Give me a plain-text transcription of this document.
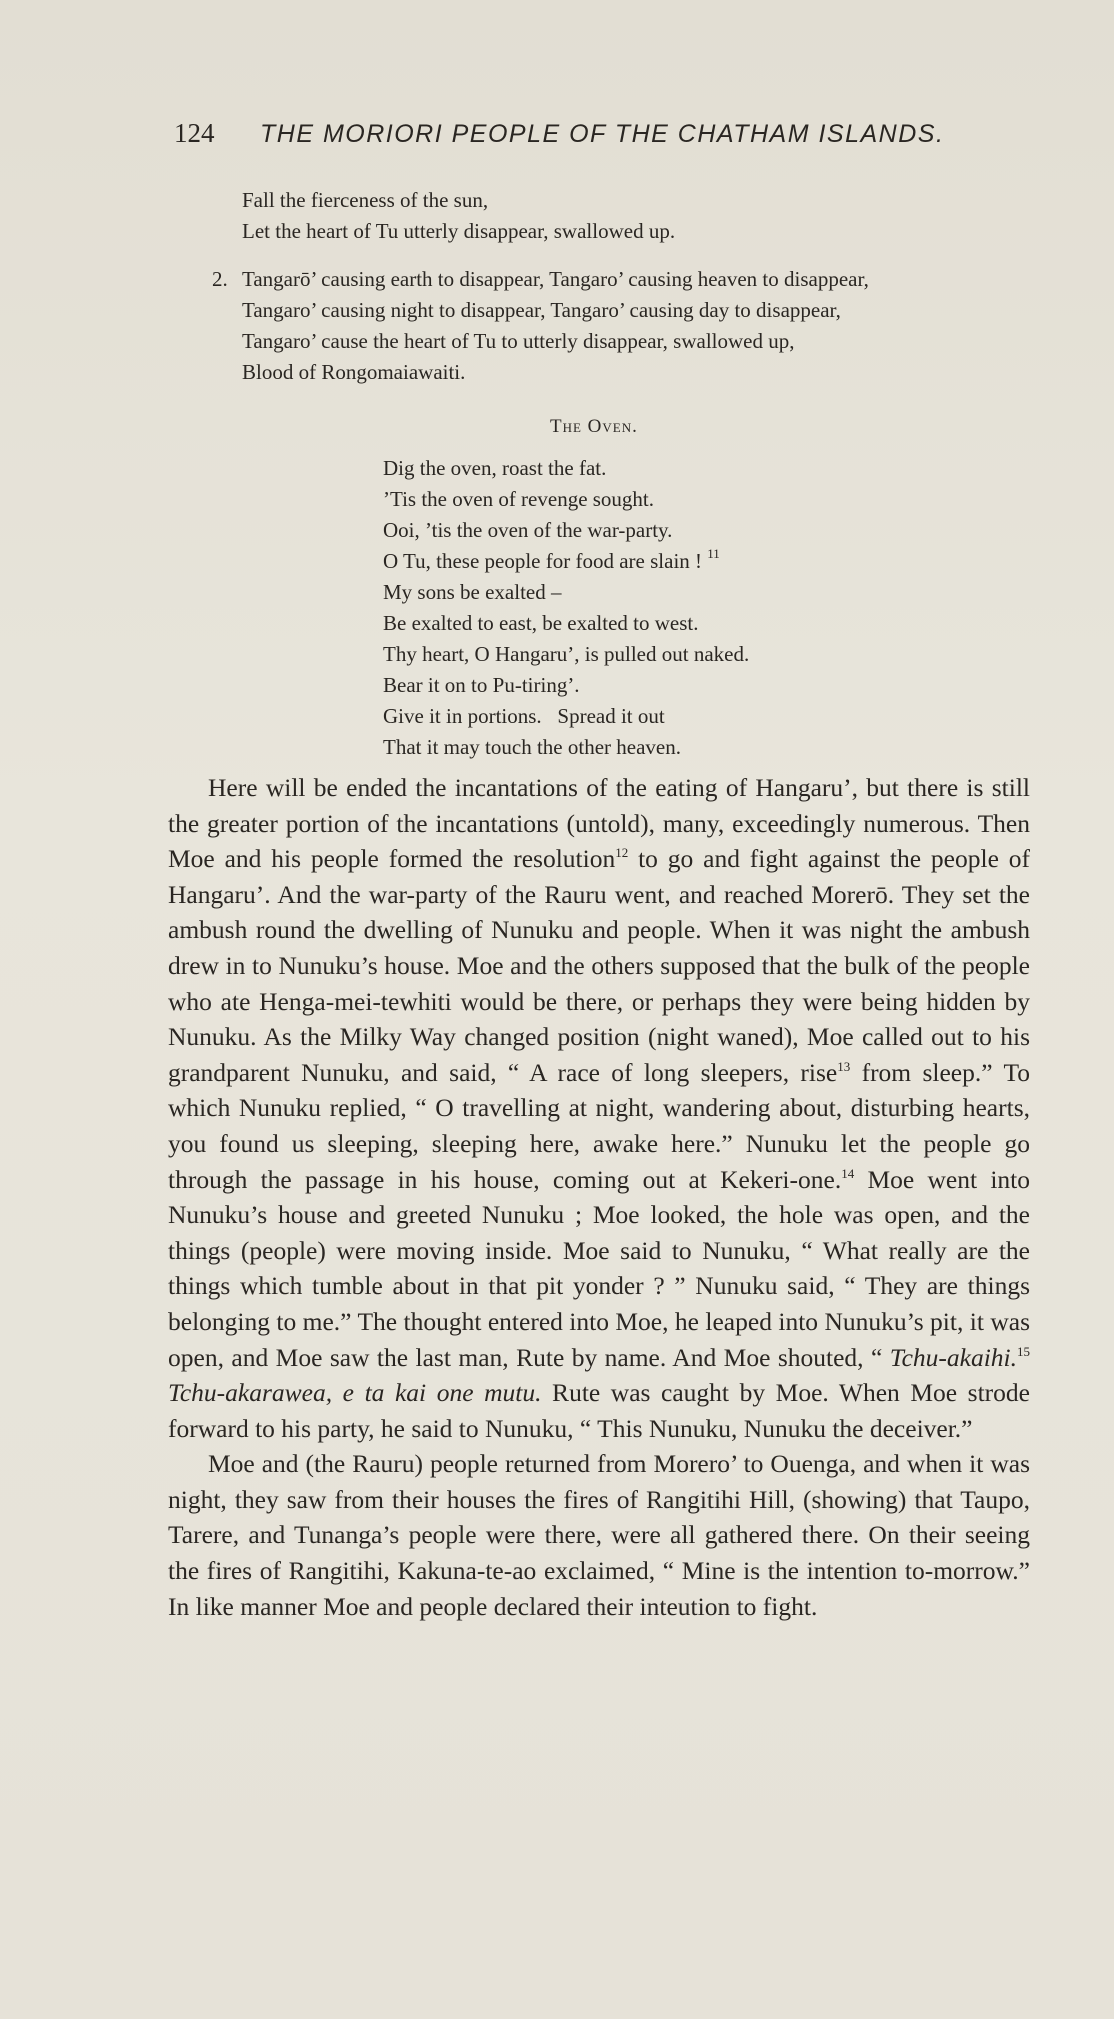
124 THE MORIORI PEOPLE OF THE CHATHAM ISLANDS.
Fall the fierceness of the sun,
Let the heart of Tu utterly disappear, swallowed up.
2. Tangarō’ causing earth to disappear, Tangaro’ causing heaven to disappear,
Tangaro’ causing night to disappear, Tangaro’ causing day to disappear,
Tangaro’ cause the heart of Tu to utterly disappear, swallowed up,
Blood of Rongomaiawaiti.
The Oven.
Dig the oven, roast the fat.
’Tis the oven of revenge sought.
Ooi, ’tis the oven of the war-party.
O Tu, these people for food are slain ! $^{11}$
My sons be exalted –
Be exalted to east, be exalted to west.
Thy heart, O Hangaru’, is pulled out naked.
Bear it on to Pu-tiring’.
Give it in portions.   Spread it out
That it may touch the other heaven.

Here will be ended the incantations of the eating of Hangaru’, but there is still the greater portion of the incantations (untold), many, exceedingly numerous. Then Moe and his people formed the resolution$^{12}$ to go and fight against the people of Hangaru’. And the war-party of the Rauru went, and reached Morerō. They set the ambush round the dwelling of Nunuku and people. When it was night the ambush drew in to Nunuku’s house. Moe and the others supposed that the bulk of the people who ate Henga-mei-tewhiti would be there, or perhaps they were being hidden by Nunuku. As the Milky Way changed position (night waned), Moe called out to his grandparent Nunuku, and said, “ A race of long sleepers, rise$^{13}$ from sleep.” To which Nunuku replied, “ O travelling at night, wandering about, disturbing hearts, you found us sleeping, sleeping here, awake here.” Nunuku let the people go through the passage in his house, coming out at Kekeri-one.$^{14}$ Moe went into Nunuku’s house and greeted Nunuku ; Moe looked, the hole was open, and the things (people) were moving inside. Moe said to Nunuku, “ What really are the things which tumble about in that pit yonder ? ” Nunuku said, “ They are things belonging to me.” The thought entered into Moe, he leaped into Nunuku’s pit, it was open, and Moe saw the last man, Rute by name. And Moe shouted, “ Tchu-akaihi.$^{15}$ Tchu-akarawea, e ta kai one mutu. Rute was caught by Moe. When Moe strode forward to his party, he said to Nunuku, “ This Nunuku, Nunuku the deceiver.”

Moe and (the Rauru) people returned from Morero’ to Ouenga, and when it was night, they saw from their houses the fires of Rangitihi Hill, (showing) that Taupo, Tarere, and Tunanga’s people were there, were all gathered there. On their seeing the fires of Rangitihi, Kakuna-te-ao exclaimed, “ Mine is the intention to-morrow.” In like manner Moe and people declared their inteution to fight.
